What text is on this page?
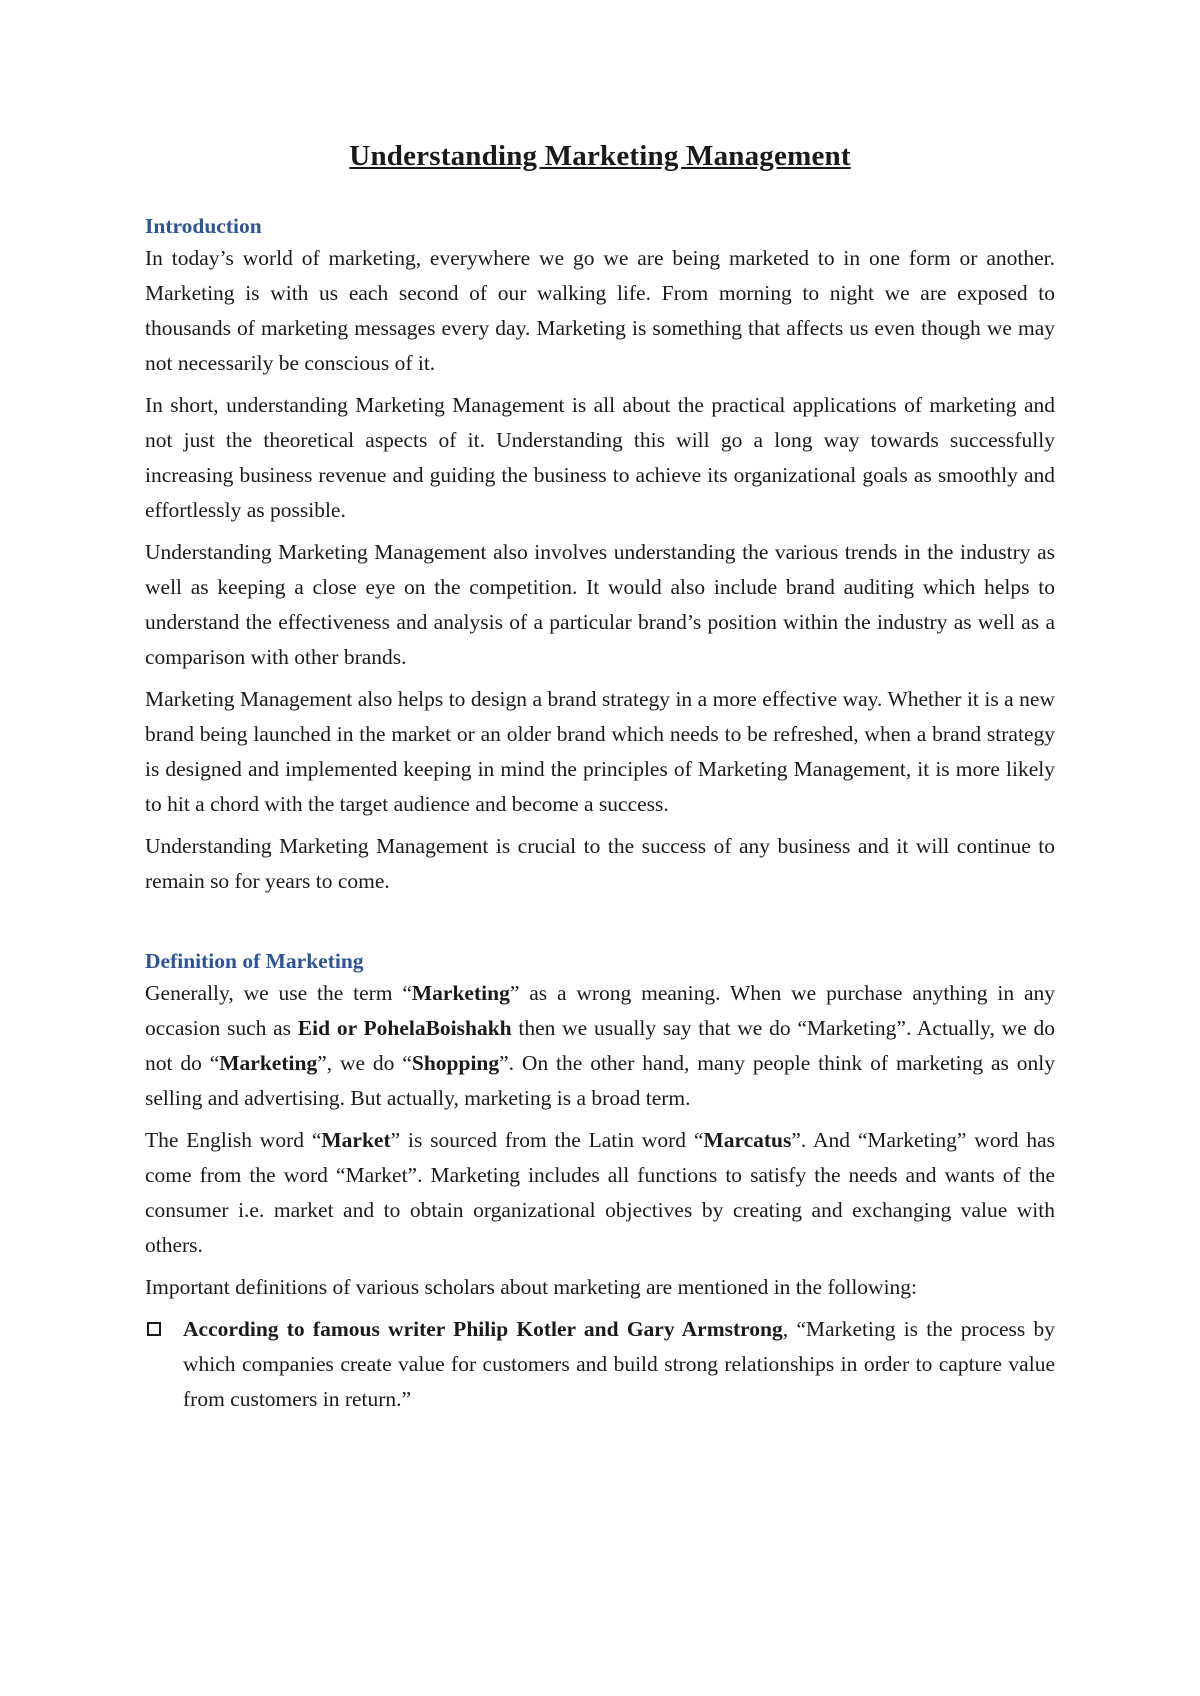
Understanding Marketing Management
Introduction

In today’s world of marketing, everywhere we go we are being marketed to in one form or another. Marketing is with us each second of our walking life. From morning to night we are exposed to thousands of marketing messages every day. Marketing is something that affects us even though we may not necessarily be conscious of it.

In short, understanding Marketing Management is all about the practical applications of marketing and not just the theoretical aspects of it. Understanding this will go a long way towards successfully increasing business revenue and guiding the business to achieve its organizational goals as smoothly and effortlessly as possible.

Understanding Marketing Management also involves understanding the various trends in the industry as well as keeping a close eye on the competition. It would also include brand auditing which helps to understand the effectiveness and analysis of a particular brand’s position within the industry as well as a comparison with other brands.

Marketing Management also helps to design a brand strategy in a more effective way. Whether it is a new brand being launched in the market or an older brand which needs to be refreshed, when a brand strategy is designed and implemented keeping in mind the principles of Marketing Management, it is more likely to hit a chord with the target audience and become a success.

Understanding Marketing Management is crucial to the success of any business and it will continue to remain so for years to come.

Definition of Marketing

Generally, we use the term “Marketing” as a wrong meaning. When we purchase anything in any occasion such as Eid or PohelaBoishakh then we usually say that we do “Marketing”. Actually, we do not do “Marketing”, we do “Shopping”. On the other hand, many people think of marketing as only selling and advertising. But actually, marketing is a broad term.

The English word “Market” is sourced from the Latin word “Marcatus”. And “Marketing” word has come from the word “Market”. Marketing includes all functions to satisfy the needs and wants of the consumer i.e. market and to obtain organizational objectives by creating and exchanging value with others.

Important definitions of various scholars about marketing are mentioned in the following:

According to famous writer Philip Kotler and Gary Armstrong, “Marketing is the process by which companies create value for customers and build strong relationships in order to capture value from customers in return.”
